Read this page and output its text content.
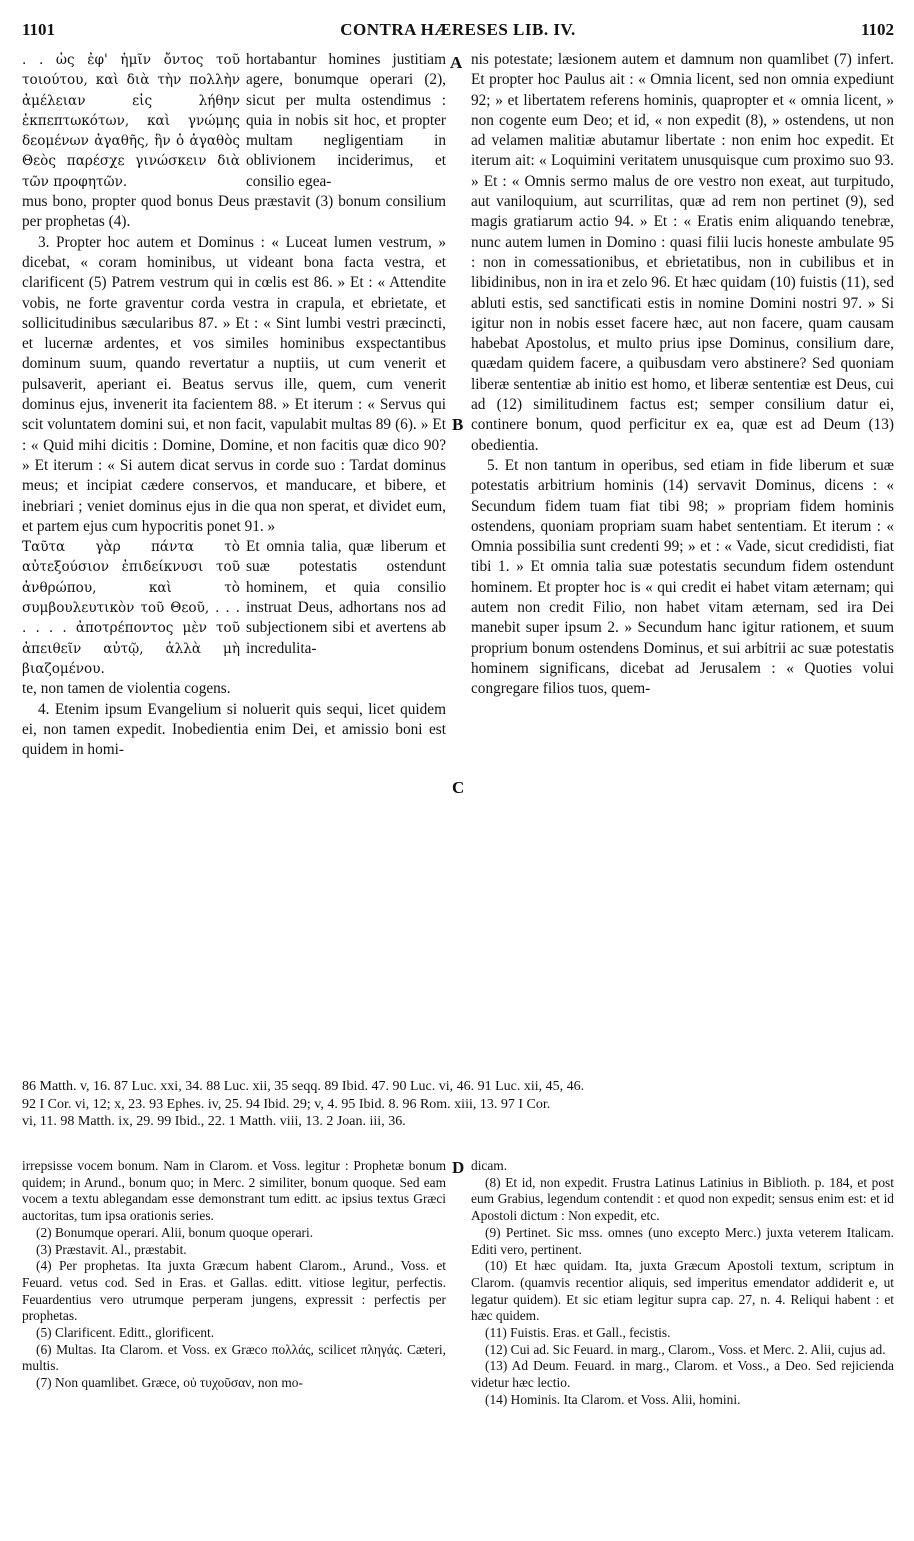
1101	CONTRA HÆRESES LIB. IV.	1102
A
B
C
D
. . ὡς ἐφ' ἡμῖν ὄντος τοῦ τοιούτου, καὶ διὰ τὴν πολλὴν ἀμέλειαν εἰς λήθην ἐκπεπτωκότων, καὶ γνώμης δεομένων ἀγαθῆς, ἣν ὁ ἀγαθὸς Θεὸς παρέσχε γινώσκειν διὰ τῶν προφητῶν.
hortabantur homines justitiam agere, bonumque operari (2), sicut per multa ostendimus : quia in nobis sit hoc, et propter multam negligentiam in oblivionem inciderimus, et consilio egea-

mus bono, propter quod bonus Deus præstavit (3) bonum consilium per prophetas (4).

3. Propter hoc autem et Dominus : « Luceat lumen vestrum, » dicebat, « coram hominibus, ut videant bona facta vestra, et clarificent (5) Patrem vestrum qui in cœlis est 86. » Et : « Attendite vobis, ne forte graventur corda vestra in crapula, et ebrietate, et sollicitudinibus sæcularibus 87. » Et : « Sint lumbi vestri præcincti, et lucernæ ardentes, et vos similes hominibus exspectantibus dominum suum, quando revertatur a nuptiis, ut cum venerit et pulsaverit, aperiant ei. Beatus servus ille, quem, cum venerit dominus ejus, invenerit ita facientem 88. » Et iterum : « Servus qui scit voluntatem domini sui, et non facit, vapulabit multas 89 (6). » Et : « Quid mihi dicitis : Domine, Domine, et non facitis quæ dico 90? » Et iterum : « Si autem dicat servus in corde suo : Tardat dominus meus; et incipiat cædere conservos, et manducare, et bibere, et inebriari ; veniet dominus ejus in die qua non sperat, et dividet eum, et partem ejus cum hypocritis ponet 91. »

Ταῦτα γὰρ πάντα τὸ αὐτεξούσιον ἐπιδείκνυσι τοῦ ἀνθρώπου, καὶ τὸ συμβουλευτικὸν τοῦ Θεοῦ, . . . . . . . ἀποτρέποντος μὲν τοῦ ἀπειθεῖν αὐτῷ, ἀλλὰ μὴ βιαζομένου.
Et omnia talia, quæ liberum et suæ potestatis ostendunt hominem, et quia consilio instruat Deus, adhortans nos ad subjectionem sibi et avertens ab incredulita-

te, non tamen de violentia cogens.

4. Etenim ipsum Evangelium si noluerit quis sequi, licet quidem ei, non tamen expedit. Inobedientia enim Dei, et amissio boni est quidem in homi-

nis potestate; læsionem autem et damnum non quamlibet (7) infert. Et propter hoc Paulus ait : « Omnia licent, sed non omnia expediunt 92; » et libertatem referens hominis, quapropter et « omnia licent, » non cogente eum Deo; et id, « non expedit (8), » ostendens, ut non ad velamen malitiæ abutamur libertate : non enim hoc expedit. Et iterum ait: « Loquimini veritatem unusquisque cum proximo suo 93. » Et : « Omnis sermo malus de ore vestro non exeat, aut turpitudo, aut vaniloquium, aut scurrilitas, quæ ad rem non pertinet (9), sed magis gratiarum actio 94. » Et : « Eratis enim aliquando tenebræ, nunc autem lumen in Domino : quasi filii lucis honeste ambulate 95 : non in comessationibus, et ebrietatibus, non in cubilibus et in libidinibus, non in ira et zelo 96. Et hæc quidam (10) fuistis (11), sed abluti estis, sed sanctificati estis in nomine Domini nostri 97. » Si igitur non in nobis esset facere hæc, aut non facere, quam causam habebat Apostolus, et multo prius ipse Dominus, consilium dare, quædam quidem facere, a quibusdam vero abstinere? Sed quoniam liberæ sententiæ ab initio est homo, et liberæ sententiæ est Deus, cui ad (12) similitudinem factus est; semper consilium datur ei, continere bonum, quod perficitur ex ea, quæ est ad Deum (13) obedientia.

5. Et non tantum in operibus, sed etiam in fide liberum et suæ potestatis arbitrium hominis (14) servavit Dominus, dicens : « Secundum fidem tuam fiat tibi 98; » propriam fidem hominis ostendens, quoniam propriam suam habet sententiam. Et iterum : « Omnia possibilia sunt credenti 99; » et : « Vade, sicut credidisti, fiat tibi 1. » Et omnia talia suæ potestatis secundum fidem ostendunt hominem. Et propter hoc is « qui credit ei habet vitam æternam; qui autem non credit Filio, non habet vitam æternam, sed ira Dei manebit super ipsum 2. » Secundum hanc igitur rationem, et suum proprium bonum ostendens Dominus, et sui arbitrii ac suæ potestatis hominem significans, dicebat ad Jerusalem : « Quoties volui congregare filios tuos, quem-

86 Matth. v, 16. 87 Luc. xxi, 34. 88 Luc. xii, 35 seqq. 89 Ibid. 47. 90 Luc. vi, 46. 91 Luc. xii, 45, 46.

92 I Cor. vi, 12; x, 23. 93 Ephes. iv, 25. 94 Ibid. 29; v, 4. 95 Ibid. 8. 96 Rom. xiii, 13. 97 I Cor.

vi, 11. 98 Matth. ix, 29. 99 Ibid., 22. 1 Matth. viii, 13. 2 Joan. iii, 36.

irrepsisse vocem bonum. Nam in Clarom. et Voss. legitur : Prophetæ bonum quidem; in Arund., bonum quo; in Merc. 2 similiter, bonum quoque. Sed eam vocem a textu ablegandam esse demonstrant tum editt. ac ipsius textus Græci auctoritas, tum ipsa orationis series.

(2) Bonumque operari. Alii, bonum quoque operari.

(3) Præstavit. Al., præstabit.

(4) Per prophetas. Ita juxta Græcum habent Clarom., Arund., Voss. et Feuard. vetus cod. Sed in Eras. et Gallas. editt. vitiose legitur, perfectis. Feuardentius vero utrumque perperam jungens, expressit : perfectis per prophetas.

(5) Clarificent. Editt., glorificent.

(6) Multas. Ita Clarom. et Voss. ex Græco πολλάς, scilicet πληγάς. Cæteri, multis.

(7) Non quamlibet. Græce, οὐ τυχοῦσαν, non mo-

dicam.

(8) Et id, non expedit. Frustra Latinus Latinius in Biblioth. p. 184, et post eum Grabius, legendum contendit : et quod non expedit; sensus enim est: et id Apostoli dictum : Non expedit, etc.

(9) Pertinet. Sic mss. omnes (uno excepto Merc.) juxta veterem Italicam. Editi vero, pertinent.

(10) Et hæc quidam. Ita, juxta Græcum Apostoli textum, scriptum in Clarom. (quamvis recentior aliquis, sed imperitus emendator addiderit e, ut legatur quidem). Et sic etiam legitur supra cap. 27, n. 4. Reliqui habent : et hæc quidem.

(11) Fuistis. Eras. et Gall., fecistis.

(12) Cui ad. Sic Feuard. in marg., Clarom., Voss. et Merc. 2. Alii, cujus ad.

(13) Ad Deum. Feuard. in marg., Clarom. et Voss., a Deo. Sed rejicienda videtur hæc lectio.

(14) Hominis. Ita Clarom. et Voss. Alii, homini.
